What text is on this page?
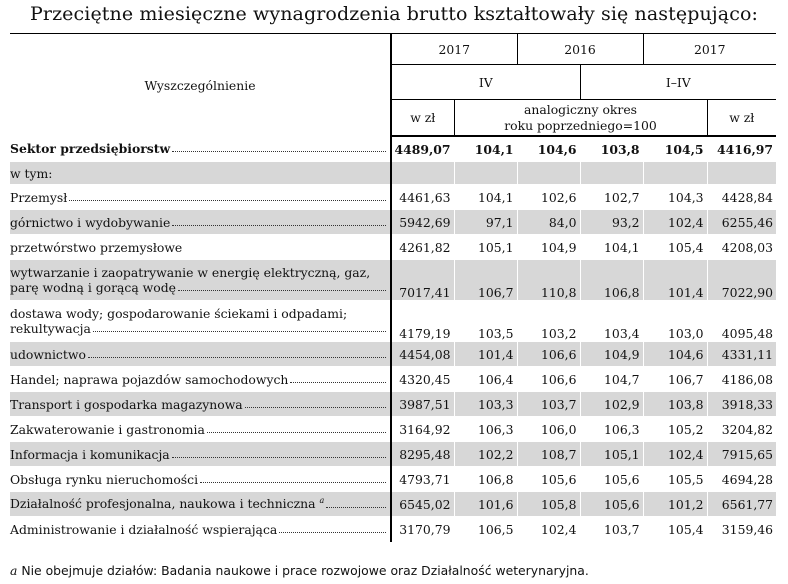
Przeciętne miesięczne wynagrodzenia brutto kształtowały się następująco:
Wyszczególnienie	2017		2016		2017	
	IV			I–IV		
	w zł	analogiczny okres
roku poprzedniego=100				w zł

Sektor przedsiębiorstw	4489,07	104,1	104,6	103,8	104,5	4416,97
w tym:						

Przemysł	4461,63	104,1	102,6	102,7	104,3	4428,84

górnictwo i wydobywanie	5942,69	97,1	84,0	93,2	102,4	6255,46
przetwórstwo przemysłowe	4261,82	105,1	104,9	104,1	105,4	4208,03

wytwarzanie i zaopatrywanie w energię elektryczną, gaz,
parę wodną i gorącą wodę	7017,41	106,7	110,8	106,8	101,4	7022,90

dostawa wody; gospodarowanie ściekami i odpadami;
rekultywacja	4179,19	103,5	103,2	103,4	103,0	4095,48

udownictwo	4454,08	101,4	106,6	104,9	104,6	4331,11

Handel; naprawa pojazdów samochodowych	4320,45	106,4	106,6	104,7	106,7	4186,08

Transport i gospodarka magazynowa	3987,51	103,3	103,7	102,9	103,8	3918,33

Zakwaterowanie i gastronomia	3164,92	106,3	106,0	106,3	105,2	3204,82

Informacja i komunikacja	8295,48	102,2	108,7	105,1	102,4	7915,65

Obsługa rynku nieruchomości	4793,71	106,8	105,6	105,6	105,5	4694,28

Działalność profesjonalna, naukowa i techniczna $^a$	6545,02	101,6	105,8	105,6	101,2	6561,77

Administrowanie i działalność wspierająca	3170,79	106,5	102,4	103,7	105,4	3159,46
a Nie obejmuje działów: Badania naukowe i prace rozwojowe oraz Działalność weterynaryjna.
